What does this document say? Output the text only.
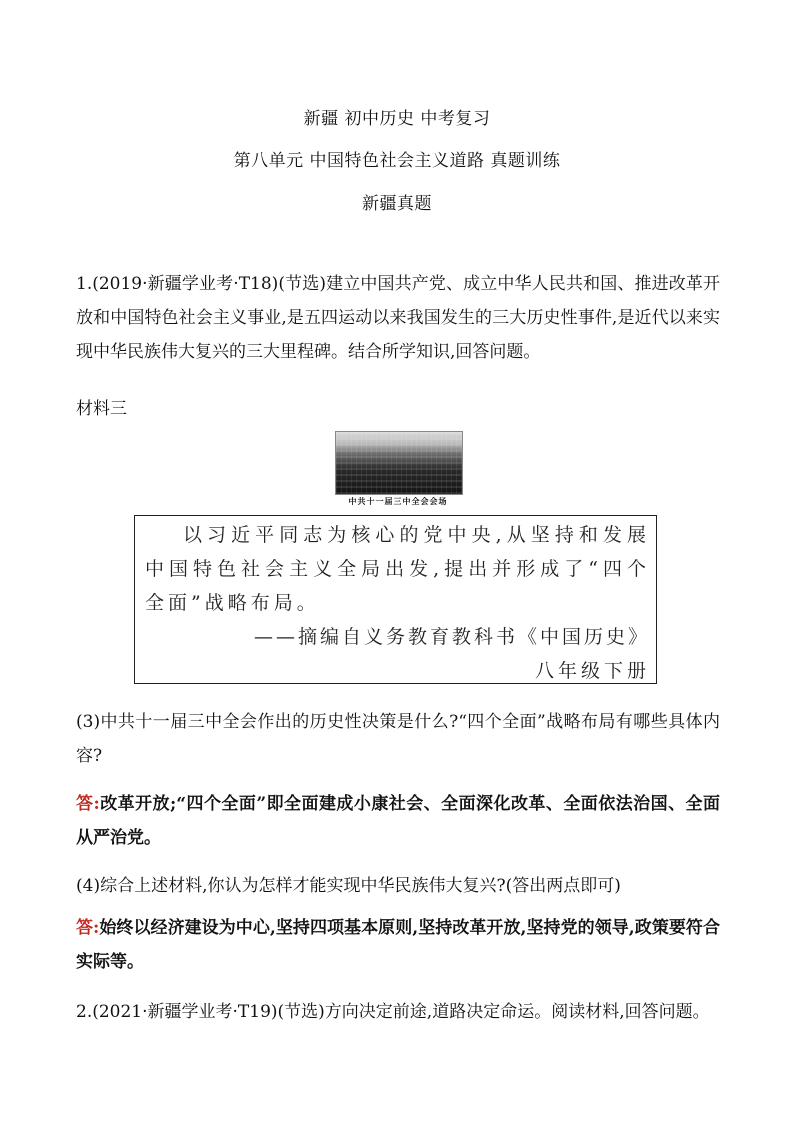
新疆 初中历史 中考复习
第八单元 中国特色社会主义道路 真题训练
新疆真题
1.(2019·新疆学业考·T18)(节选)建立中国共产党、成立中华人民共和国、推进改革开放和中国特色社会主义事业,是五四运动以来我国发生的三大历史性事件,是近代以来实现中华民族伟大复兴的三大里程碑。结合所学知识,回答问题。
材料三
中共十一届三中全会会场
以习近平同志为核心的党中央,从坚持和发展中国特色社会主义全局出发,提出并形成了“四个全面”战略布局。
——摘编自义务教育教科书《中国历史》
八年级下册
(3)中共十一届三中全会作出的历史性决策是什么?“四个全面”战略布局有哪些具体内容?
答:改革开放;“四个全面”即全面建成小康社会、全面深化改革、全面依法治国、全面从严治党。
(4)综合上述材料,你认为怎样才能实现中华民族伟大复兴?(答出两点即可)
答:始终以经济建设为中心,坚持四项基本原则,坚持改革开放,坚持党的领导,政策要符合实际等。
2.(2021·新疆学业考·T19)(节选)方向决定前途,道路决定命运。阅读材料,回答问题。
